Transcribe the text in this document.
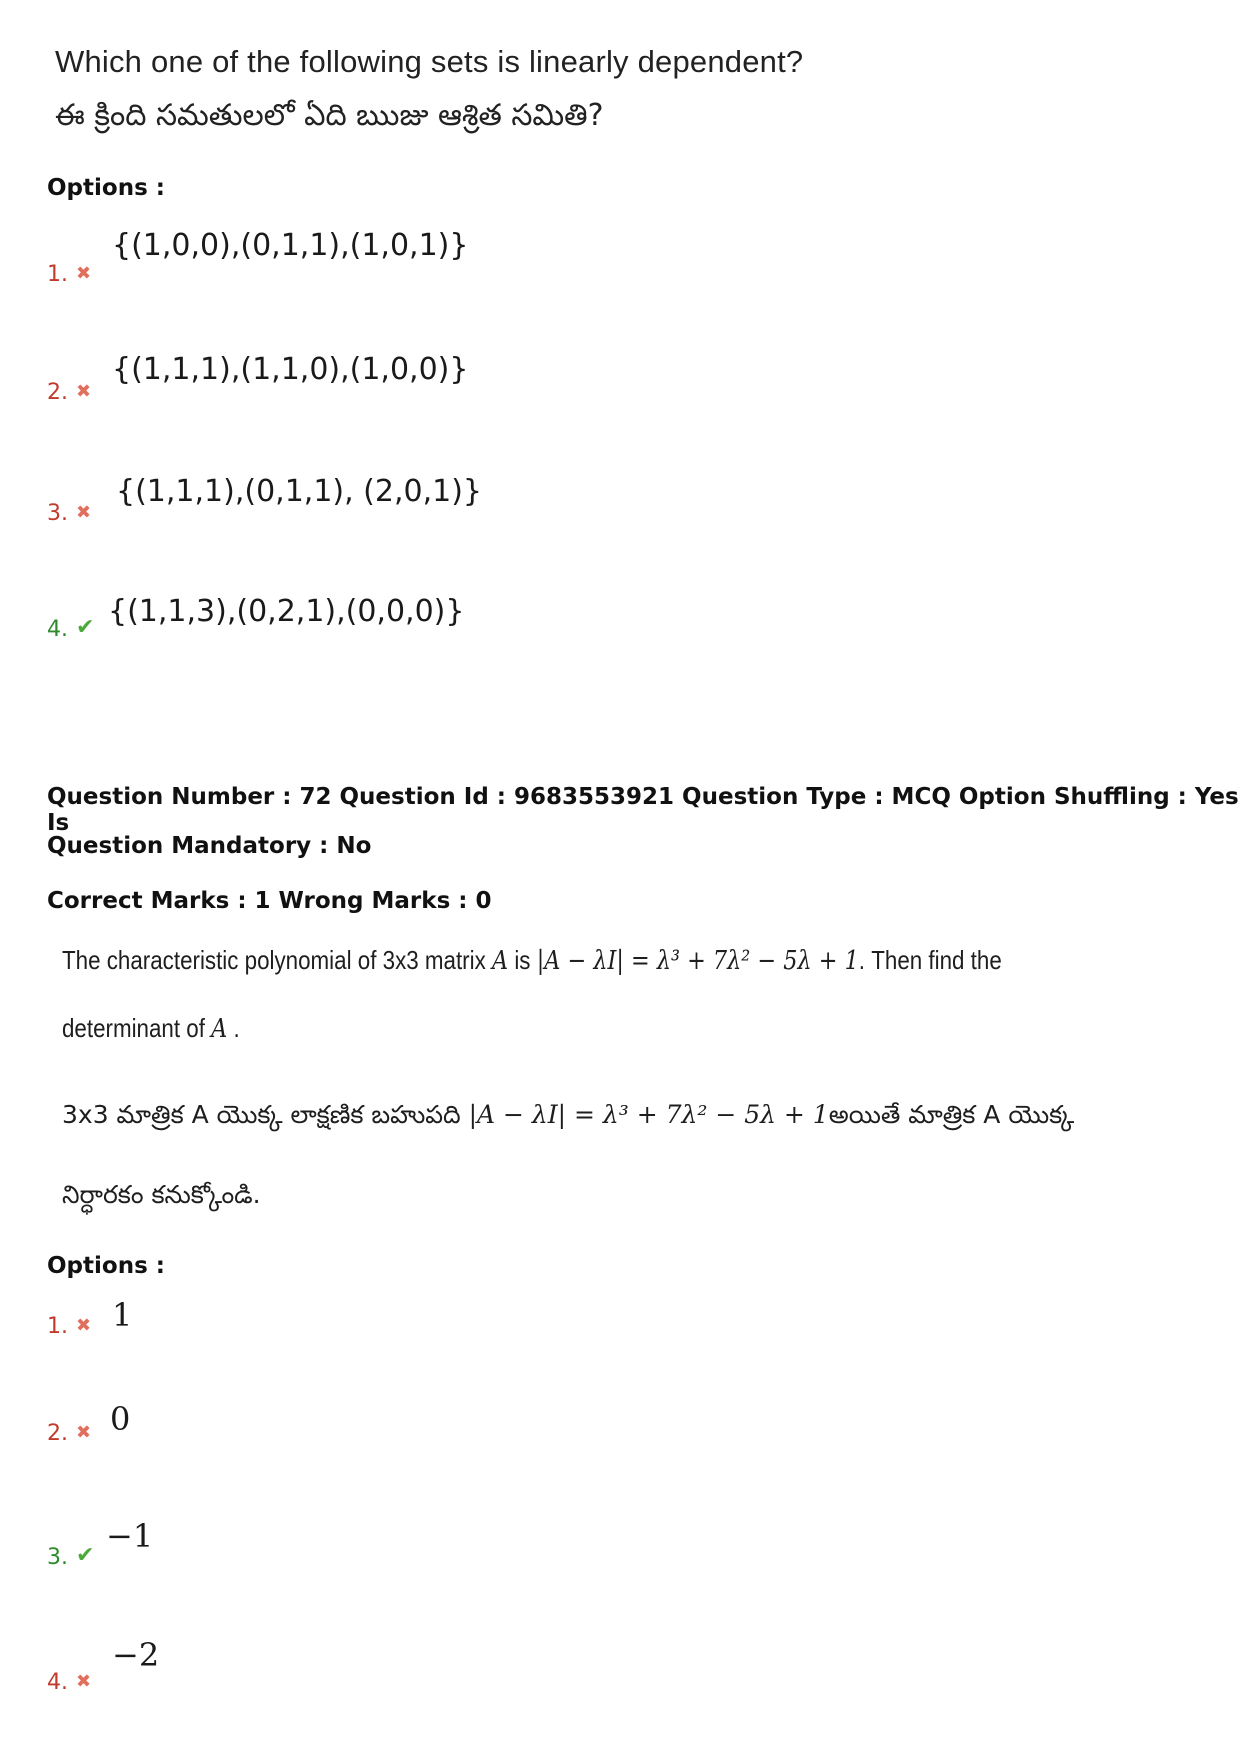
Which one of the following sets is linearly dependent?
ఈ క్రింది సమతులలో ఏది ఋజు ఆశ్రిత సమితి?
Options :
1. ✖
{(1,0,0),(0,1,1),(1,0,1)}
2. ✖
{(1,1,1),(1,1,0),(1,0,0)}
3. ✖
{(1,1,1),(0,1,1), (2,0,1)}
4. ✔ {(1,1,3),(0,2,1),(0,0,0)}
Question Number : 72 Question Id : 9683553921 Question Type : MCQ Option Shuffling : Yes Is
Question Mandatory : No
Correct Marks : 1 Wrong Marks : 0
The characteristic polynomial of 3x3 matrix A is |A − λI| = λ³ + 7λ² − 5λ + 1. Then find the
determinant of A .
3x3 మాత్రిక A యొక్క లాక్షణిక బహుపది |A − λI| = λ³ + 7λ² − 5λ + 1అయితే మాత్రిక A యొక్క
నిర్ధారకం కనుక్కోండి.
Options :
1. ✖ 1
2. ✖ 0
3. ✔
−1
4. ✖
−2
